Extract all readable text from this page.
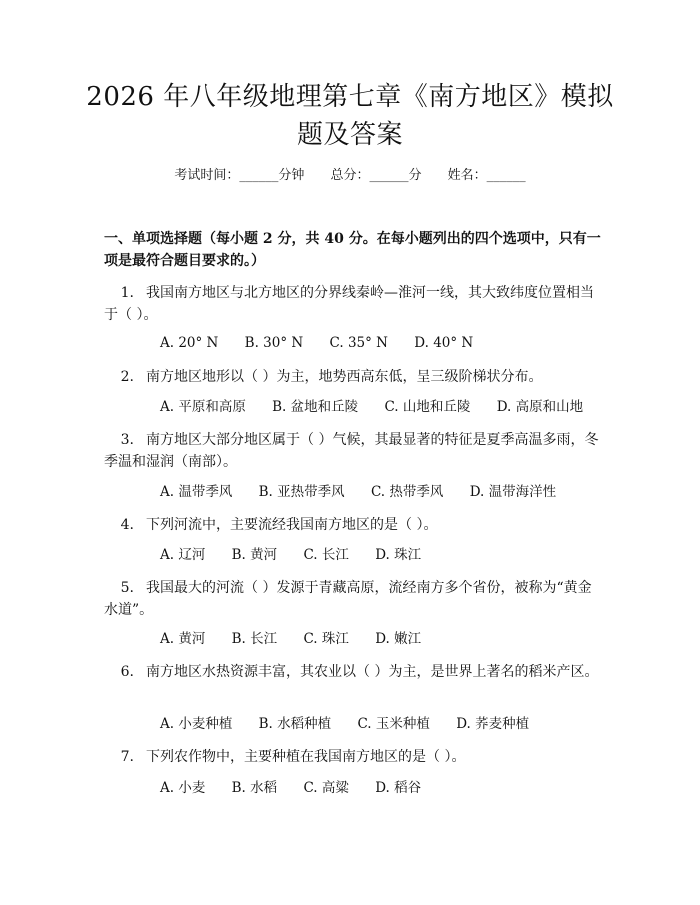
2026 年八年级地理第七章《南方地区》模拟题及答案
考试时间：______分钟 总分：______分 姓名：______
一、单项选择题（每小题 2 分，共 40 分。在每小题列出的四个选项中，只有一项是最符合题目要求的。）
1. 我国南方地区与北方地区的分界线秦岭—淮河一线，其大致纬度位置相当于（ ）。
A. 20° N B. 30° N C. 35° N D. 40° N
2. 南方地区地形以（ ）为主，地势西高东低，呈三级阶梯状分布。
A. 平原和高原 B. 盆地和丘陵 C. 山地和丘陵 D. 高原和山地
3. 南方地区大部分地区属于（ ）气候，其最显著的特征是夏季高温多雨，冬季温和湿润（南部）。
A. 温带季风 B. 亚热带季风 C. 热带季风 D. 温带海洋性
4. 下列河流中，主要流经我国南方地区的是（ ）。
A. 辽河 B. 黄河 C. 长江 D. 珠江
5. 我国最大的河流（ ）发源于青藏高原，流经南方多个省份，被称为“黄金水道”。
A. 黄河 B. 长江 C. 珠江 D. 嫩江
6. 南方地区水热资源丰富，其农业以（ ）为主，是世界上著名的稻米产区。
A. 小麦种植 B. 水稻种植 C. 玉米种植 D. 荞麦种植
7. 下列农作物中，主要种植在我国南方地区的是（ ）。
A. 小麦 B. 水稻 C. 高粱 D. 稻谷
